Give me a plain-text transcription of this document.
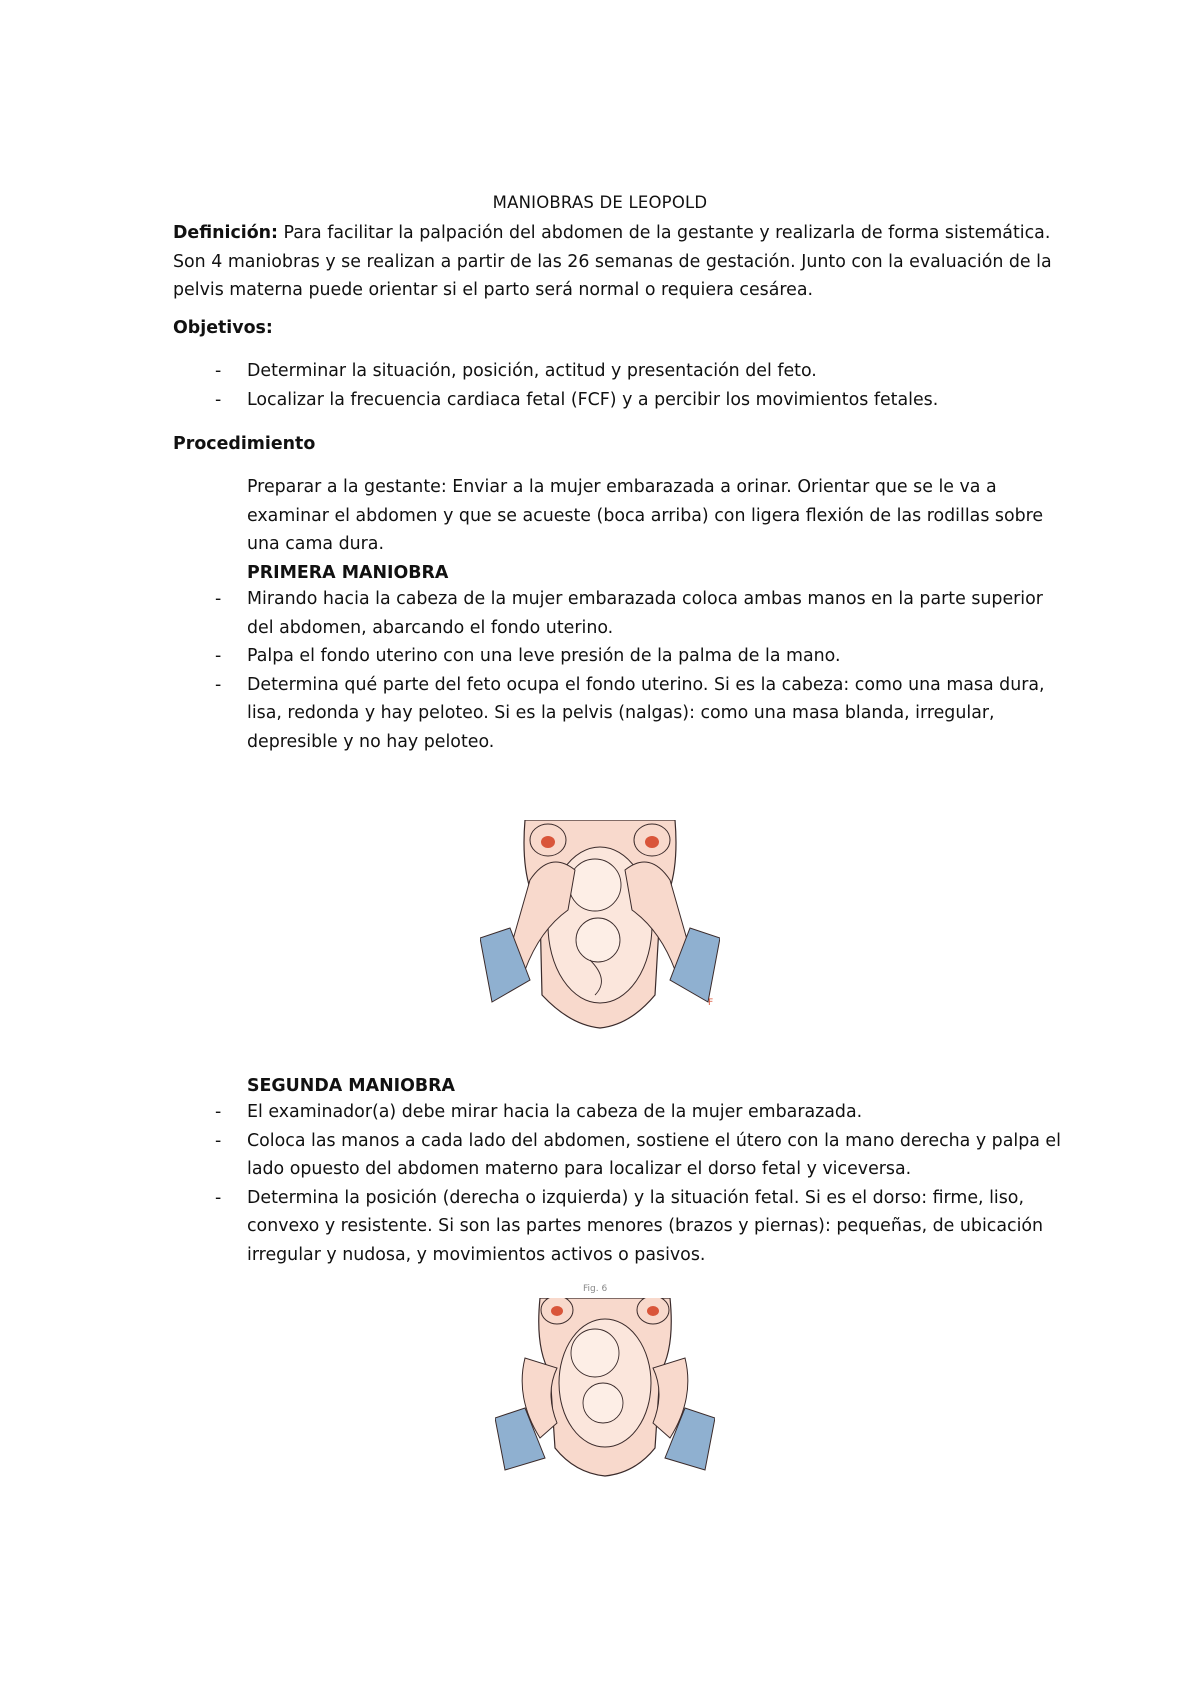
MANIOBRAS DE LEOPOLD
Definición: Para facilitar la palpación del abdomen de la gestante y realizarla de forma sistemática. Son 4 maniobras y se realizan a partir de las 26 semanas de gestación. Junto con la evaluación de la pelvis materna puede orientar si el parto será normal o requiera cesárea.
Objetivos:
- Determinar la situación, posición, actitud y presentación del feto.
- Localizar la frecuencia cardiaca fetal (FCF) y a percibir los movimientos fetales.
Procedimiento
Preparar a la gestante: Enviar a la mujer embarazada a orinar. Orientar que se le va a examinar el abdomen y que se acueste (boca arriba) con ligera flexión de las rodillas sobre una cama dura.
PRIMERA MANIOBRA
- Mirando hacia la cabeza de la mujer embarazada coloca ambas manos en la parte superior del abdomen, abarcando el fondo uterino.
- Palpa el fondo uterino con una leve presión de la palma de la mano.
- Determina qué parte del feto ocupa el fondo uterino. Si es la cabeza: como una masa dura, lisa, redonda y hay peloteo. Si es la pelvis (nalgas): como una masa blanda, irregular, depresible y no hay peloteo.
F
SEGUNDA MANIOBRA
- El examinador(a) debe mirar hacia la cabeza de la mujer embarazada.
- Coloca las manos a cada lado del abdomen, sostiene el útero con la mano derecha y palpa el lado opuesto del abdomen materno para localizar el dorso fetal y viceversa.
- Determina la posición (derecha o izquierda) y la situación fetal. Si es el dorso: firme, liso, convexo y resistente. Si son las partes menores (brazos y piernas): pequeñas, de ubicación irregular y nudosa, y movimientos activos o pasivos.
Fig. 6
